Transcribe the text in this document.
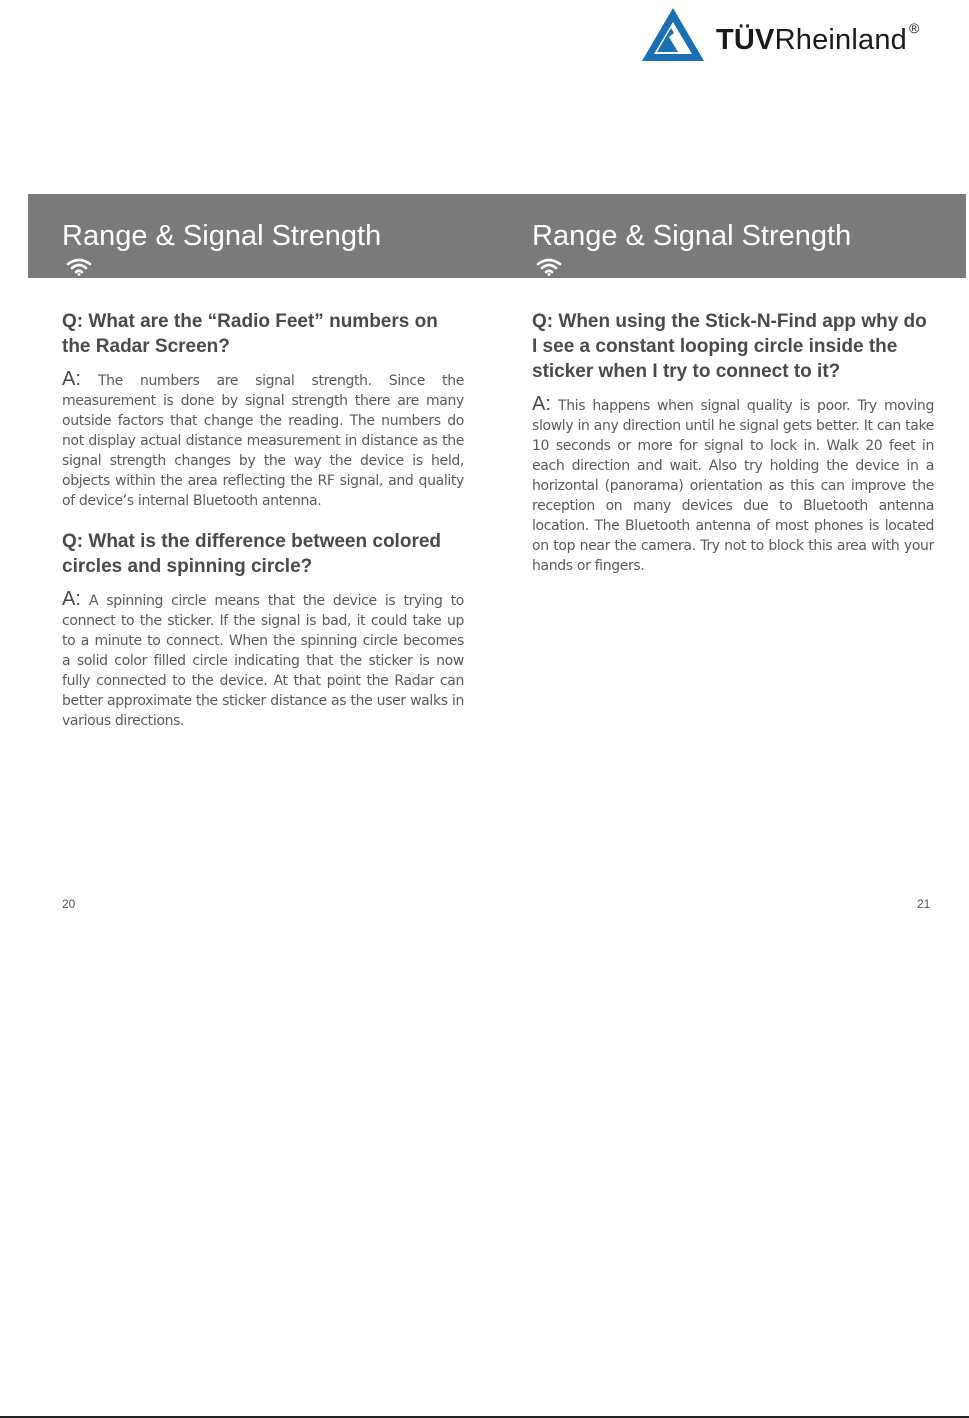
TÜVRheinland ®
Range & Signal Strength	Range & Signal Strength

Q: What are the “Radio Feet” numbers on the Radar Screen?

A: The numbers are signal strength. Since the measurement is done by signal strength there are many outside factors that change the reading. The numbers do not display actual distance measurement in distance as the signal strength changes by the way the device is held, objects within the area reflecting the RF signal, and quality of device’s internal Bluetooth antenna.

Q: What is the difference between colored circles and spinning circle?

A: A spinning circle means that the device is trying to connect to the sticker. If the signal is bad, it could take up to a minute to connect. When the spinning circle becomes a solid color filled circle indicating that the sticker is now fully connected to the device. At that point the Radar can better approximate the sticker distance as the user walks in various directions.

Q: When using the Stick-N-Find app why do I see a constant looping circle inside the sticker when I try to connect to it?

A: This happens when signal quality is poor. Try moving slowly in any direction until he signal gets better. It can take 10 seconds or more for signal to lock in. Walk 20 feet in each direction and wait. Also try holding the device in a horizontal (panorama) orientation as this can improve the reception on many devices due to Bluetooth antenna location. The Bluetooth antenna of most phones is located on top near the camera. Try not to block this area with your hands or fingers.

20	21
